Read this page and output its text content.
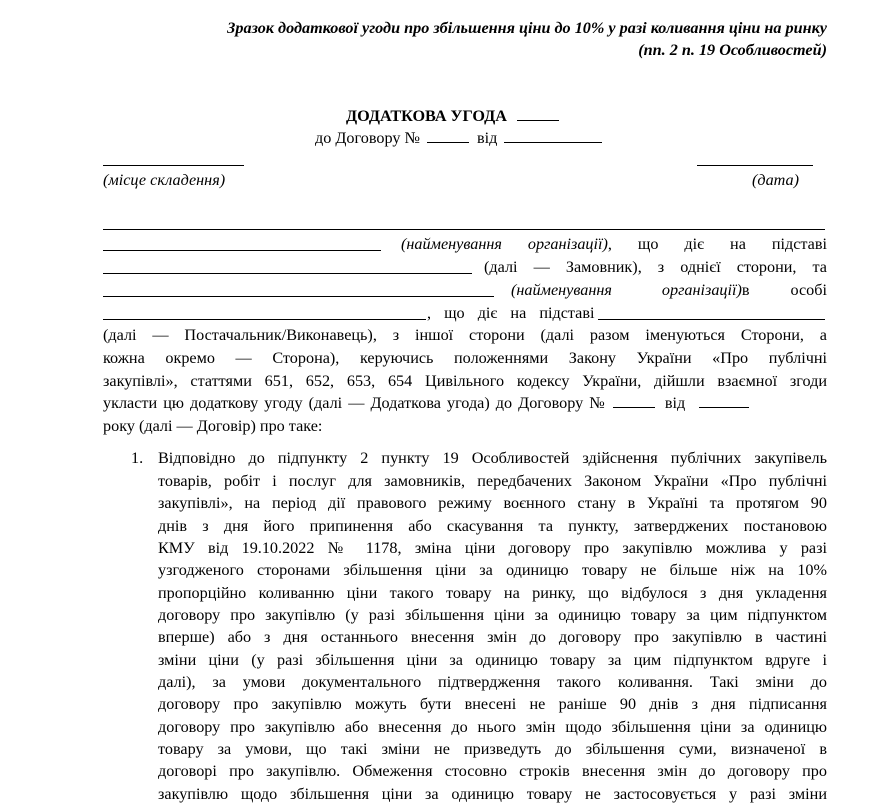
Зразок додаткової угоди про збільшення ціни до 10% у разі коливання ціни на ринку
(пп. 2 п. 19 Особливостей)
ДОДАТКОВА УГОДА
до Договору №	від
(місце складення)	(дата)
(найменування організації), що діє на підставі
(далі — Замовник), з однієї сторони, та
(найменування організації)в особі
, що діє на підставі
(далі — Постачальник/Виконавець), з іншої сторони (далі разом іменуються Сторони, а
кожна окремо — Сторона), керуючись положеннями Закону України «Про публічні
закупівлі», статтями 651, 652, 653, 654 Цивільного кодексу України, дійшли взаємної згоди
укласти цю додаткову угоду (далі — Додаткова угода) до Договору №	від
року (далі — Договір) про таке:
1. Відповідно до підпункту 2 пункту 19 Особливостей здійснення публічних закупівель
товарів, робіт і послуг для замовників, передбачених Законом України «Про публічні
закупівлі», на період дії правового режиму воєнного стану в Україні та протягом 90
днів з дня його припинення або скасування та пункту, затверджених постановою
КМУ від 19.10.2022 № 1178, зміна ціни договору про закупівлю можлива у разі
узгодженого сторонами збільшення ціни за одиницю товару не більше ніж на 10%
пропорційно коливанню ціни такого товару на ринку, що відбулося з дня укладення
договору про закупівлю (у разі збільшення ціни за одиницю товару за цим підпунктом
вперше) або з дня останнього внесення змін до договору про закупівлю в частині
зміни ціни (у разі збільшення ціни за одиницю товару за цим підпунктом вдруге і
далі), за умови документального підтвердження такого коливання. Такі зміни до
договору про закупівлю можуть бути внесені не раніше 90 днів з дня підписання
договору про закупівлю або внесення до нього змін щодо збільшення ціни за одиницю
товару за умови, що такі зміни не призведуть до збільшення суми, визначеної в
договорі про закупівлю. Обмеження стосовно строків внесення змін до договору про
закупівлю щодо збільшення ціни за одиницю товару не застосовується у разі зміни
